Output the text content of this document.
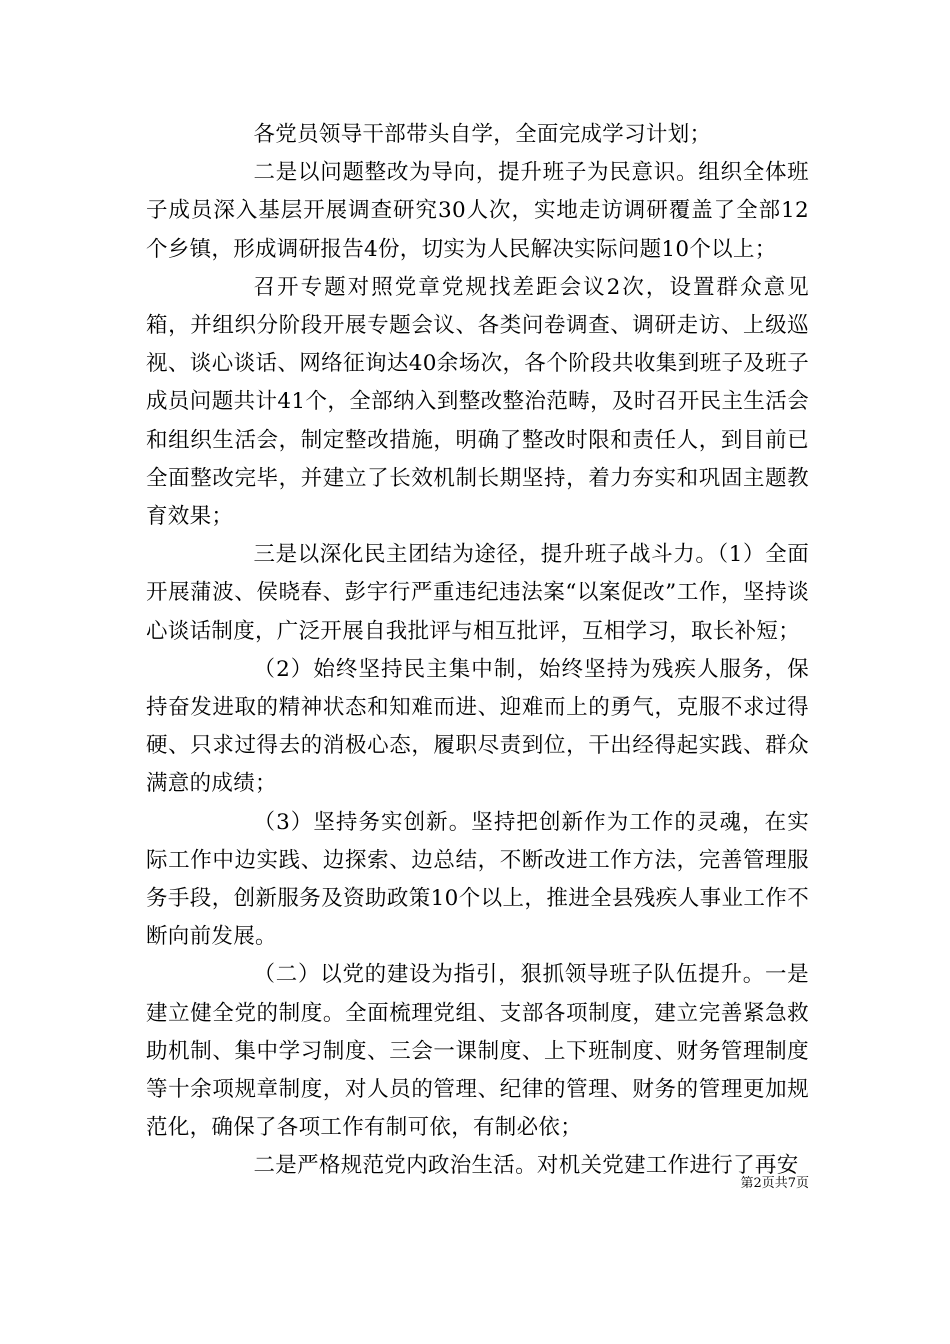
各党员领导干部带头自学，全面完成学习计划；

二是以问题整改为导向，提升班子为民意识。组织全体班子成员深入基层开展调查研究30人次，实地走访调研覆盖了全部12个乡镇，形成调研报告4份，切实为人民解决实际问题10个以上；

召开专题对照党章党规找差距会议2次，设置群众意见箱，并组织分阶段开展专题会议、各类问卷调查、调研走访、上级巡视、谈心谈话、网络征询达40余场次，各个阶段共收集到班子及班子成员问题共计41个，全部纳入到整改整治范畴，及时召开民主生活会和组织生活会，制定整改措施，明确了整改时限和责任人，到目前已全面整改完毕，并建立了长效机制长期坚持，着力夯实和巩固主题教育效果；

三是以深化民主团结为途径，提升班子战斗力。（1）全面开展蒲波、侯晓春、彭宇行严重违纪违法案“以案促改”工作，坚持谈心谈话制度，广泛开展自我批评与相互批评，互相学习，取长补短；

（2）始终坚持民主集中制，始终坚持为残疾人服务，保持奋发进取的精神状态和知难而进、迎难而上的勇气，克服不求过得硬、只求过得去的消极心态，履职尽责到位，干出经得起实践、群众满意的成绩；

（3）坚持务实创新。坚持把创新作为工作的灵魂，在实际工作中边实践、边探索、边总结，不断改进工作方法，完善管理服务手段，创新服务及资助政策10个以上，推进全县残疾人事业工作不断向前发展。

（二）以党的建设为指引，狠抓领导班子队伍提升。一是建立健全党的制度。全面梳理党组、支部各项制度，建立完善紧急救助机制、集中学习制度、三会一课制度、上下班制度、财务管理制度等十余项规章制度，对人员的管理、纪律的管理、财务的管理更加规范化，确保了各项工作有制可依，有制必依；

二是严格规范党内政治生活。对机关党建工作进行了再安

第2页共7页
